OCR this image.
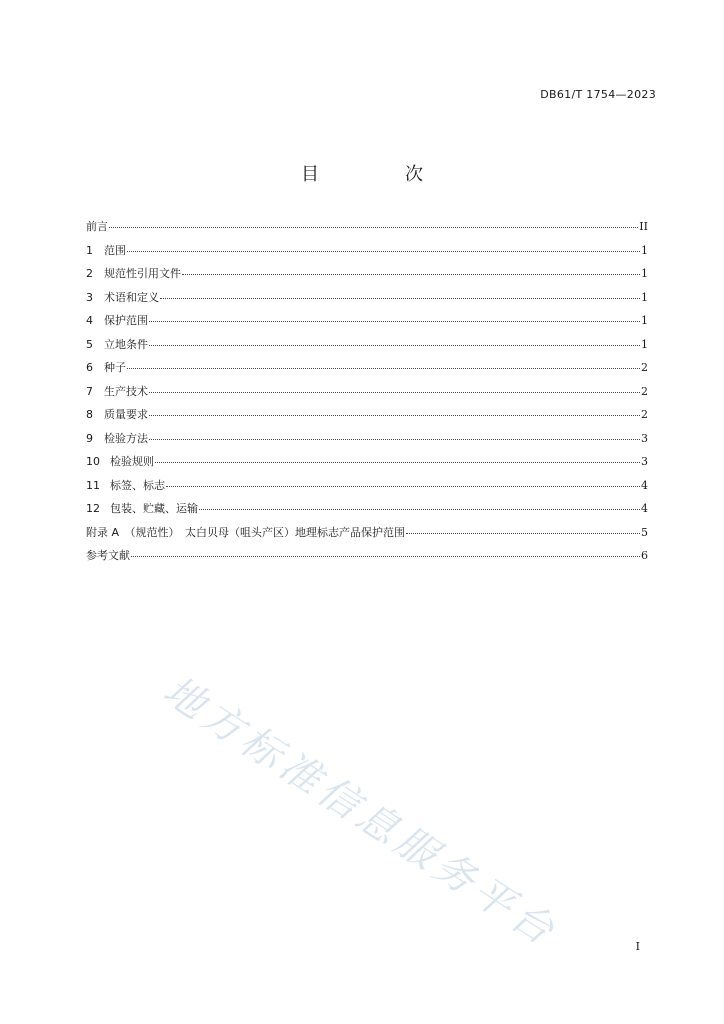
DB61/T 1754—2023
目　次
前言	II
1	范围	1
2	规范性引用文件	1
3	术语和定义	1
4	保护范围	1
5	立地条件	1
6	种子	2
7	生产技术	2
8	质量要求	2
9	检验方法	3
10 检验规则	3
11 标签、标志	4
12 包装、贮藏、运输	4
附录 A　（规范性）　太白贝母（咀头产区）地理标志产品保护范围	5
参考文献	6
地方标准信息服务平台	I
